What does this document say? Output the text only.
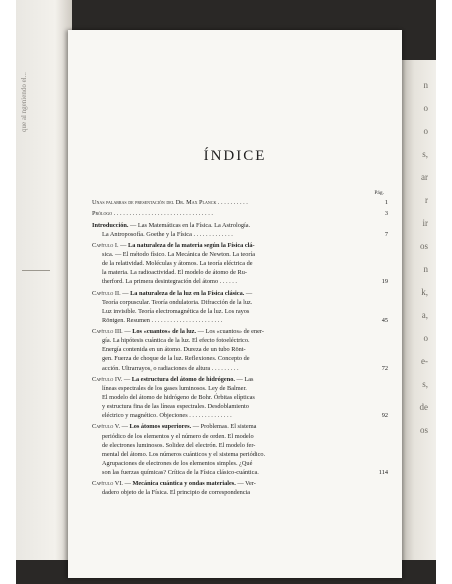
que al ngeniendo el...	n
o
o
s,
ar
r
ir
os
n
k,
a,
o
e-
s,
de
os
ÍNDICE
Pág.
Unas palabras de presentación del Dr. Max Planck . . . . . . . . . .	1
Prólogo . . . . . . . . . . . . . . . . . . . . . . . . . . . . . . . .	3
Introducción. — Las Matemáticas en la Física. La Astrología.
La Antroposofía. Goethe y la Física . . . . . . . . . . . . .	7
Capítulo I. — La naturaleza de la materia según la Física clá-
sica. — El método físico. La Mecánica de Newton. La teoría
de la relatividad. Moléculas y átomos. La teoría eléctrica de
la materia. La radioactividad. El modelo de átomo de Ru-
therford. La primera desintegración del átomo . . . . . .	19
Capítulo II. — La naturaleza de la luz en la Física clásica. —
Teoría corpuscular. Teoría ondulatoria. Difracción de la luz.
Luz invisible. Teoría electromagnética de la luz. Los rayos
Röntgen. Resumen . . . . . . . . . . . . . . . . . . . . . . .	45
Capítulo III. — Los «cuantos» de la luz. — Los «cuantos» de ener-
gía. La hipótesis cuántica de la luz. El efecto fotoeléctrico.
Energía contenida en un átomo. Dureza de un tubo Rönt-
gen. Fuerza de choque de la luz. Reflexiones. Concepto de
acción. Ultrarrayos, o radiaciones de altura . . . . . . . . .	72
Capítulo IV. — La estructura del átomo de hidrógeno. — Las
líneas espectrales de los gases luminosos. Ley de Balmer.
El modelo del átomo de hidrógeno de Bohr. Órbitas elípticas
y estructura fina de las líneas espectrales. Desdoblamiento
eléctrico y magnético. Objeciones . . . . . . . . . . . . . .	92
Capítulo V. — Los átomos superiores. — Problemas. El sistema
periódico de los elementos y el número de orden. El modelo
de electrones luminosos. Solidez del electrón. El modelo fer-
mental del átomo. Los números cuánticos y el sistema periódico.
Agrupaciones de electrones de los elementos simples. ¿Qué
son las fuerzas químicas? Crítica de la Física clásico-cuántica.	114
Capítulo VI. — Mecánica cuántica y ondas materiales. — Ver-
dadero objeto de la Física. El principio de correspondencia
